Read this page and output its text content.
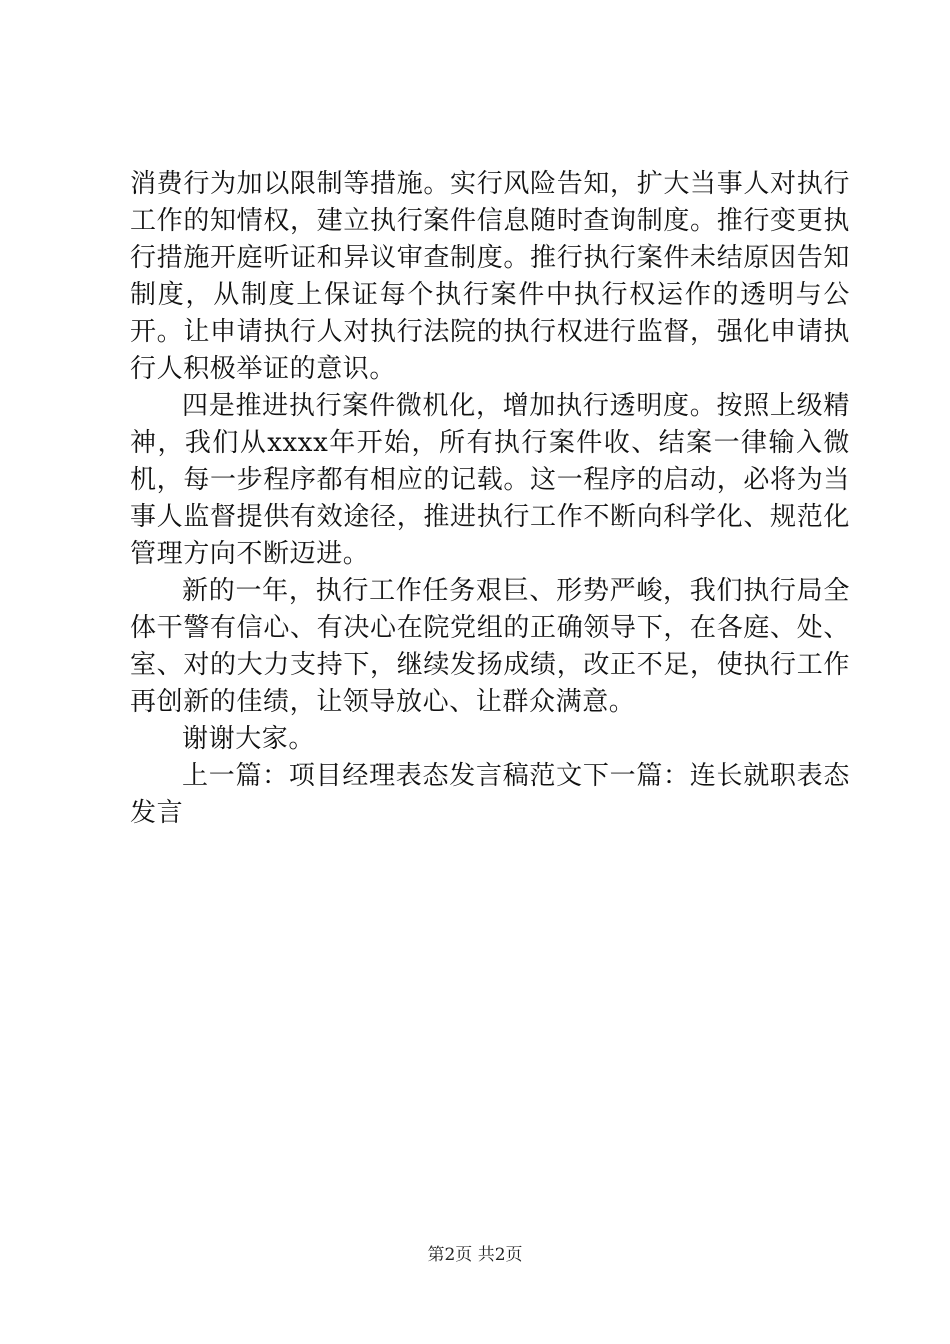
消费行为加以限制等措施。实行风险告知，扩大当事人对执行工作的知情权，建立执行案件信息随时查询制度。推行变更执行措施开庭听证和异议审查制度。推行执行案件未结原因告知制度，从制度上保证每个执行案件中执行权运作的透明与公开。让申请执行人对执行法院的执行权进行监督，强化申请执行人积极举证的意识。

四是推进执行案件微机化，增加执行透明度。按照上级精神，我们从xxxx年开始，所有执行案件收、结案一律输入微机，每一步程序都有相应的记载。这一程序的启动，必将为当事人监督提供有效途径，推进执行工作不断向科学化、规范化管理方向不断迈进。

新的一年，执行工作任务艰巨、形势严峻，我们执行局全体干警有信心、有决心在院党组的正确领导下，在各庭、处、室、对的大力支持下，继续发扬成绩，改正不足，使执行工作再创新的佳绩，让领导放心、让群众满意。

谢谢大家。

上一篇：项目经理表态发言稿范文下一篇：连长就职表态发言

第2页 共2页
